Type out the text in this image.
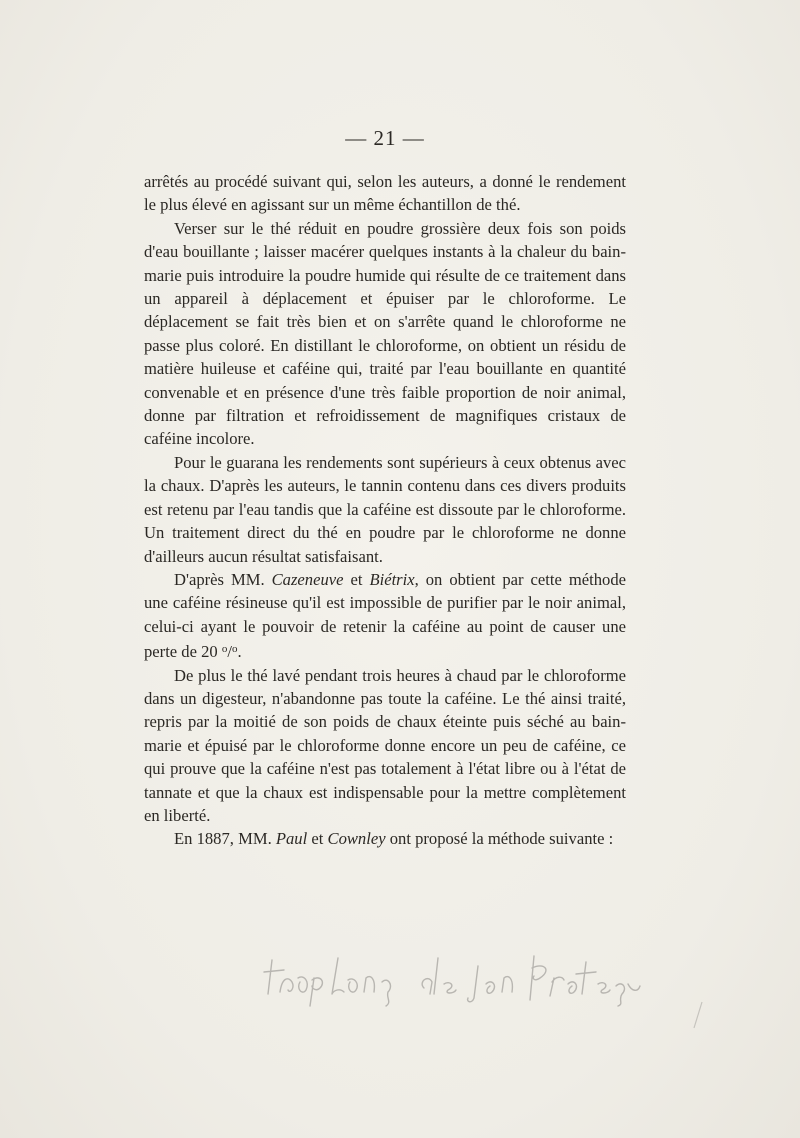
— 21 —

arrêtés au procédé suivant qui, selon les auteurs, a donné le rendement le plus élevé en agissant sur un même échantillon de thé.

Verser sur le thé réduit en poudre grossière deux fois son poids d'eau bouillante ; laisser macérer quelques instants à la chaleur du bain-marie puis introduire la poudre humide qui résulte de ce traitement dans un appareil à déplacement et épuiser par le chloroforme. Le déplacement se fait très bien et on s'arrête quand le chloroforme ne passe plus coloré. En distillant le chloroforme, on obtient un résidu de matière huileuse et caféine qui, traité par l'eau bouillante en quantité convenable et en présence d'une très faible proportion de noir animal, donne par filtration et refroidissement de magnifiques cristaux de caféine incolore.

Pour le guarana les rendements sont supérieurs à ceux obtenus avec la chaux. D'après les auteurs, le tannin contenu dans ces divers produits est retenu par l'eau tandis que la caféine est dissoute par le chloroforme. Un traitement direct du thé en poudre par le chloroforme ne donne d'ailleurs aucun résultat satisfaisant.

D'après MM. Cazeneuve et Biétrix, on obtient par cette méthode une caféine résineuse qu'il est impossible de purifier par le noir animal, celui-ci ayant le pouvoir de retenir la caféine au point de causer une perte de 20 $^o$/$^o$.

De plus le thé lavé pendant trois heures à chaud par le chloroforme dans un digesteur, n'abandonne pas toute la caféine. Le thé ainsi traité, repris par la moitié de son poids de chaux éteinte puis séché au bain-marie et épuisé par le chloroforme donne encore un peu de caféine, ce qui prouve que la caféine n'est pas totalement à l'état libre ou à l'état de tannate et que la chaux est indispensable pour la mettre complètement en liberté.

En 1887, MM. Paul et Cownley ont proposé la méthode suivante :
